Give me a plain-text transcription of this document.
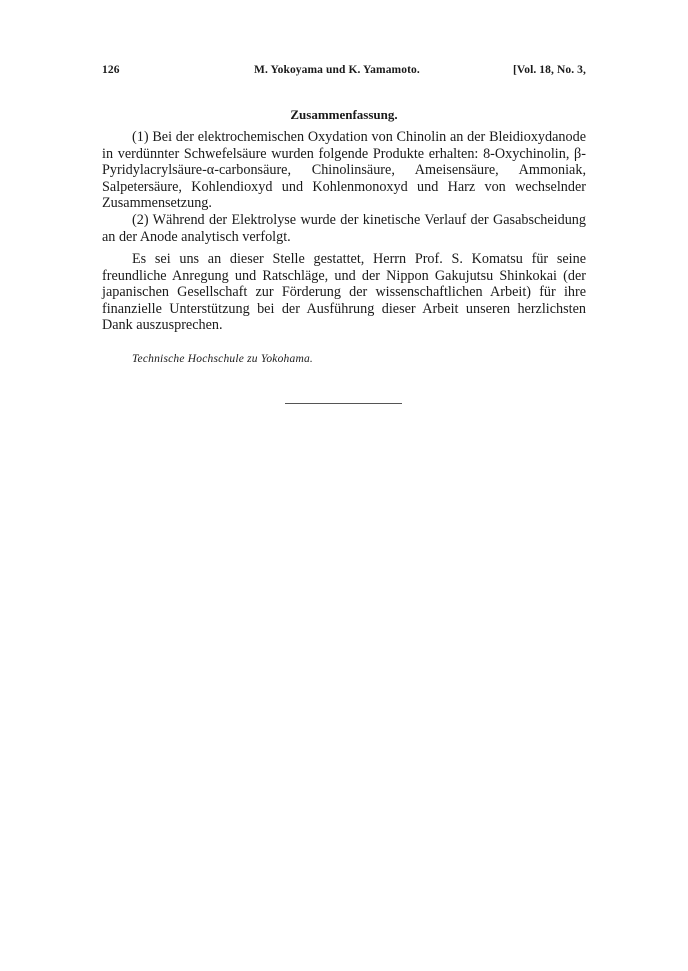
126	M. Yokoyama und K. Yamamoto.	[Vol. 18, No. 3,
Zusammenfassung.

(1) Bei der elektrochemischen Oxydation von Chinolin an der Bleidioxydanode in verdünnter Schwefelsäure wurden folgende Produkte erhalten: 8-Oxychinolin, β-Pyridylacrylsäure-α-carbonsäure, Chinolinsäure, Ameisensäure, Ammoniak, Salpetersäure, Kohlendioxyd und Kohlenmonoxyd und Harz von wechselnder Zusammensetzung.

(2) Während der Elektrolyse wurde der kinetische Verlauf der Gasabscheidung an der Anode analytisch verfolgt.

Es sei uns an dieser Stelle gestattet, Herrn Prof. S. Komatsu für seine freundliche Anregung und Ratschläge, und der Nippon Gakujutsu Shinkokai (der japanischen Gesellschaft zur Förderung der wissenschaftlichen Arbeit) für ihre finanzielle Unterstützung bei der Ausführung dieser Arbeit unseren herzlichsten Dank auszusprechen.

Technische Hochschule zu Yokohama.
